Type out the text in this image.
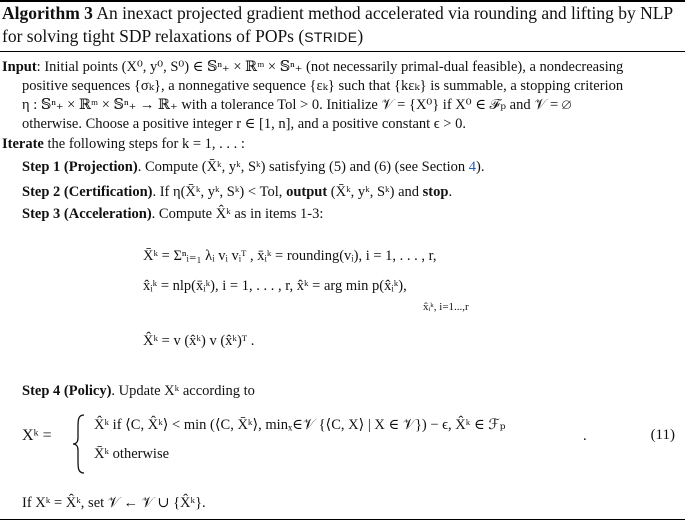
Algorithm 3 An inexact projected gradient method accelerated via rounding and lifting by NLP for solving tight SDP relaxations of POPs (STRIDE)
Input: Initial points (X⁰, y⁰, S⁰) ∈ 𝕊ⁿ₊ × ℝᵐ × 𝕊ⁿ₊ (not necessarily primal-dual feasible), a nondecreasing
positive sequences {σₖ}, a nonnegative sequence {εₖ} such that {kεₖ} is summable, a stopping criterion
η : 𝕊ⁿ₊ × ℝᵐ × 𝕊ⁿ₊ → ℝ₊ with a tolerance Tol > 0. Initialize 𝒱 = {X⁰} if X⁰ ∈ ℱₚ and 𝒱 = ∅
otherwise. Choose a positive integer r ∈ [1, n], and a positive constant ϵ > 0.
Iterate the following steps for k = 1, . . . :
Step 1 (Projection). Compute (X̄ᵏ, yᵏ, Sᵏ) satisfying (5) and (6) (see Section 4).
Step 2 (Certification). If η(X̄ᵏ, yᵏ, Sᵏ) < Tol, output (X̄ᵏ, yᵏ, Sᵏ) and stop.
Step 3 (Acceleration). Compute X̂ᵏ as in items 1-3:
X̄ᵏ = Σⁿᵢ₌₁ λᵢ vᵢ vᵢᵀ , x̄ᵢᵏ = rounding(vᵢ), i = 1, . . . , r,
x̂ᵢᵏ = nlp(x̄ᵢᵏ), i = 1, . . . , r, x̂ᵏ = arg min p(x̂ᵢᵏ),
x̂ᵢᵏ, i=1...,r
X̂ᵏ = v (x̂ᵏ) v (x̂ᵏ)ᵀ .
Step 4 (Policy). Update Xᵏ according to
Xᵏ =
X̂ᵏ if ⟨C, X̂ᵏ⟩ < min (⟨C, X̄ᵏ⟩, minₓ∈𝒱 {⟨C, X⟩ | X ∈ 𝒱}) − ϵ, X̂ᵏ ∈ ℱₚ
X̄ᵏ otherwise
.	(11)
If Xᵏ = X̂ᵏ, set 𝒱 ← 𝒱 ∪ {X̂ᵏ}.
